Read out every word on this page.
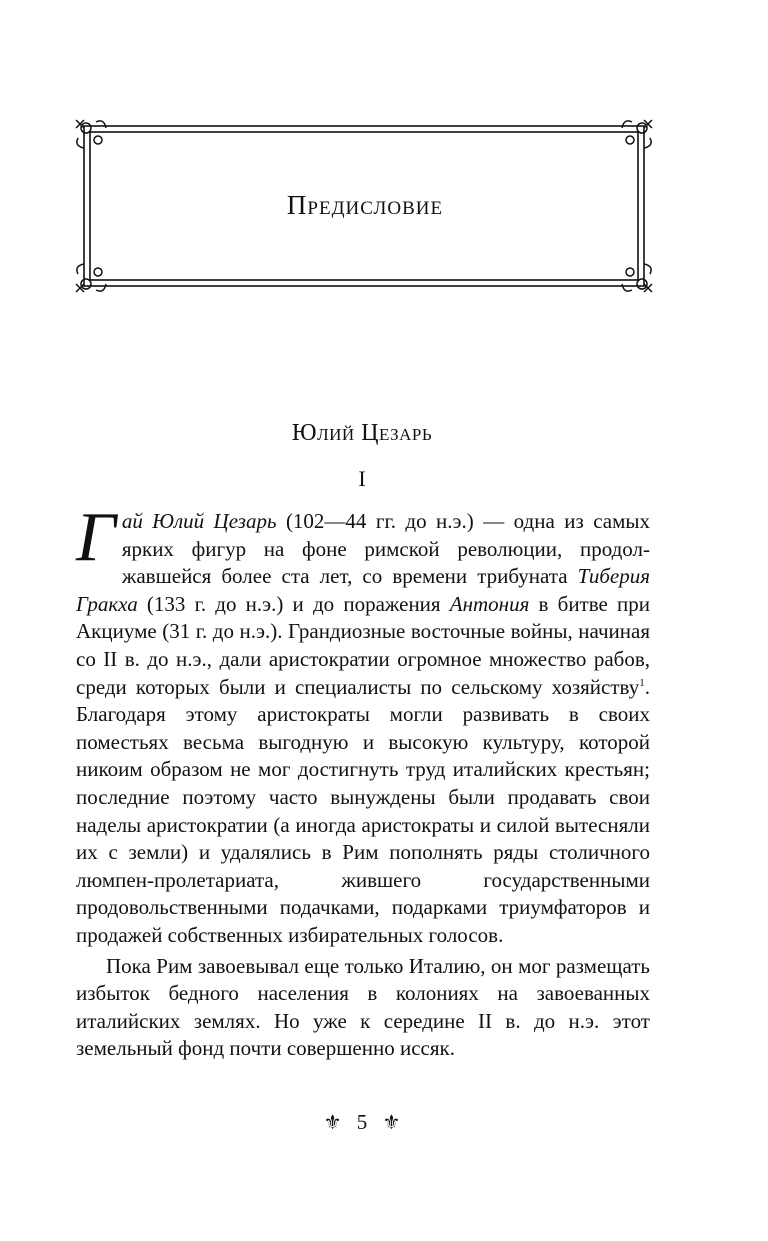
Предисловие
Юлий Цезарь
I

Гай Юлий Цезарь (102—44 гг. до н.э.) — одна из самых ярких фигур на фоне римской революции, продолжавшейся более ста лет, со времени трибуната Тиберия Гракха (133 г. до н.э.) и до поражения Антония в битве при Акциуме (31 г. до н.э.). Грандиозные восточные войны, начиная со II в. до н.э., дали аристократии огромное множество рабов, среди которых были и специалисты по сельскому хозяйству$^1$. Благодаря этому аристократы могли развивать в своих поместьях весьма выгодную и высокую культуру, которой никоим образом не мог достигнуть труд италийских крестьян; последние поэтому часто вынуждены были продавать свои наделы аристократии (а иногда аристократы и силой вытесняли их с земли) и удалялись в Рим пополнять ряды столичного люмпен-пролетариата, жившего государственными продовольственными подачками, подарками триумфаторов и продажей собственных избирательных голосов.

Пока Рим завоевывал еще только Италию, он мог размещать избыток бедного населения в колониях на завоеванных италийских землях. Но уже к середине II в. до н.э. этот земельный фонд почти совершенно иссяк.

⚜ 5 ⚜
